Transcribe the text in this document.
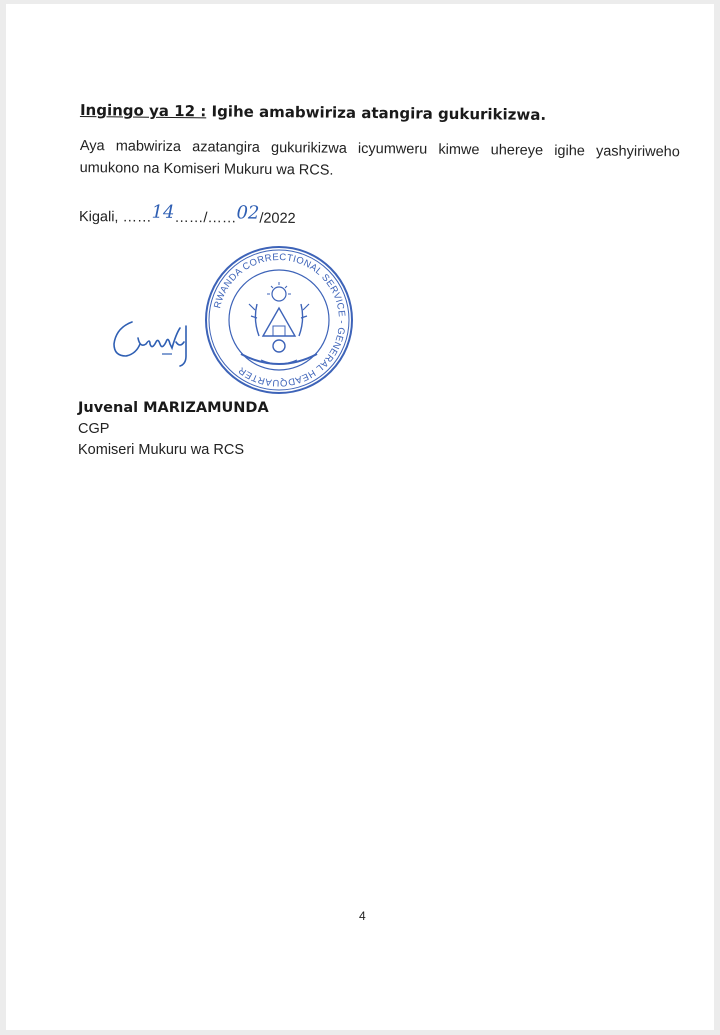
Ingingo ya 12 : Igihe amabwiriza atangira gukurikizwa.
Aya mabwiriza azatangira gukurikizwa icyumweru kimwe uhereye igihe yashyiriweho umukono na Komiseri Mukuru wa RCS.
Kigali, ……14……/……02/2022
RWANDA CORRECTIONAL SERVICE - GENERAL HEADQUARTER
Juvenal MARIZAMUNDA
CGP
Komiseri Mukuru wa RCS
4
